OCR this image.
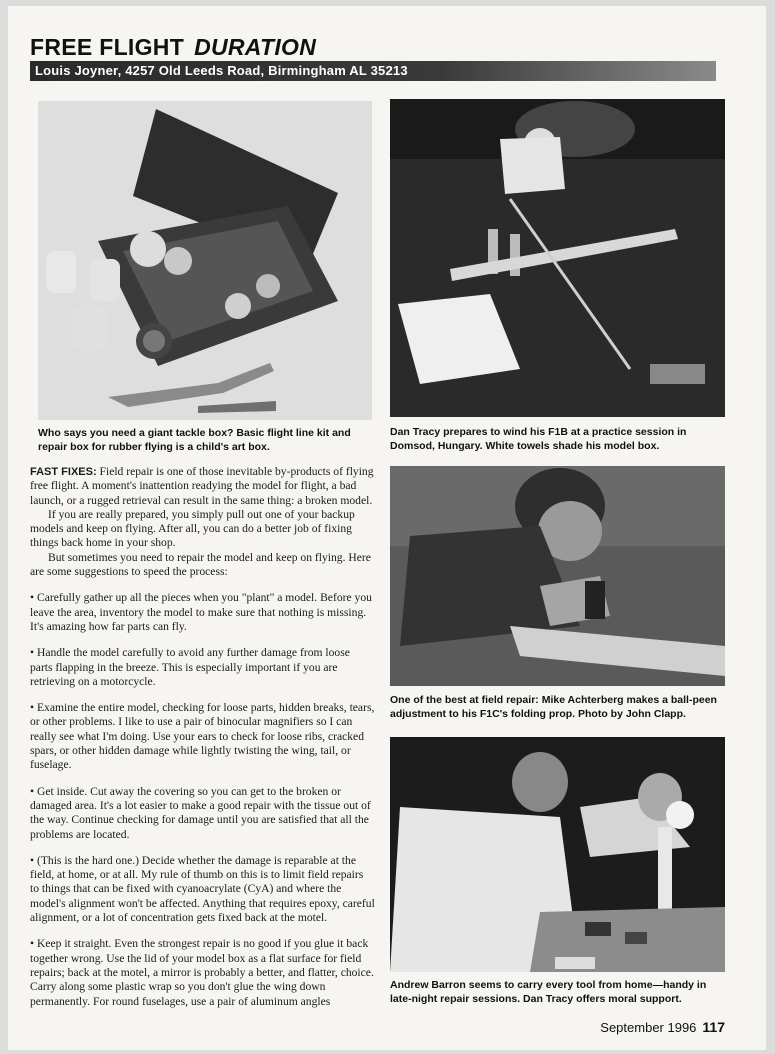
FREE FLIGHT DURATION
Louis Joyner, 4257 Old Leeds Road, Birmingham AL 35213
Who says you need a giant tackle box? Basic flight line kit and repair box for rubber flying is a child's art box.
Dan Tracy prepares to wind his F1B at a practice session in Domsod, Hungary. White towels shade his model box.
One of the best at field repair: Mike Achterberg makes a ball-peen adjustment to his F1C's folding prop. Photo by John Clapp.
Andrew Barron seems to carry every tool from home—handy in late-night repair sessions. Dan Tracy offers moral support.

FAST FIXES: Field repair is one of those inevitable by-products of flying free flight. A moment's inattention readying the model for flight, a bad launch, or a rugged retrieval can result in the same thing: a broken model.

If you are really prepared, you simply pull out one of your backup models and keep on flying. After all, you can do a better job of fixing things back home in your shop.

But sometimes you need to repair the model and keep on flying. Here are some suggestions to speed the process:

• Carefully gather up all the pieces when you "plant" a model. Before you leave the area, inventory the model to make sure that nothing is missing. It's amazing how far parts can fly.

• Handle the model carefully to avoid any further damage from loose parts flapping in the breeze. This is especially important if you are retrieving on a motorcycle.

• Examine the entire model, checking for loose parts, hidden breaks, tears, or other problems. I like to use a pair of binocular magnifiers so I can really see what I'm doing. Use your ears to check for loose ribs, cracked spars, or other hidden damage while lightly twisting the wing, tail, or fuselage.

• Get inside. Cut away the covering so you can get to the broken or damaged area. It's a lot easier to make a good repair with the tissue out of the way. Continue checking for damage until you are satisfied that all the problems are located.

• (This is the hard one.) Decide whether the damage is reparable at the field, at home, or at all. My rule of thumb on this is to limit field repairs to things that can be fixed with cyanoacrylate (CyA) and where the model's alignment won't be affected. Anything that requires epoxy, careful alignment, or a lot of concentration gets fixed back at the motel.

• Keep it straight. Even the strongest repair is no good if you glue it back together wrong. Use the lid of your model box as a flat surface for field repairs; back at the motel, a mirror is probably a better, and flatter, choice. Carry along some plastic wrap so you don't glue the wing down permanently. For round fuselages, use a pair of aluminum angles

September 1996 117
